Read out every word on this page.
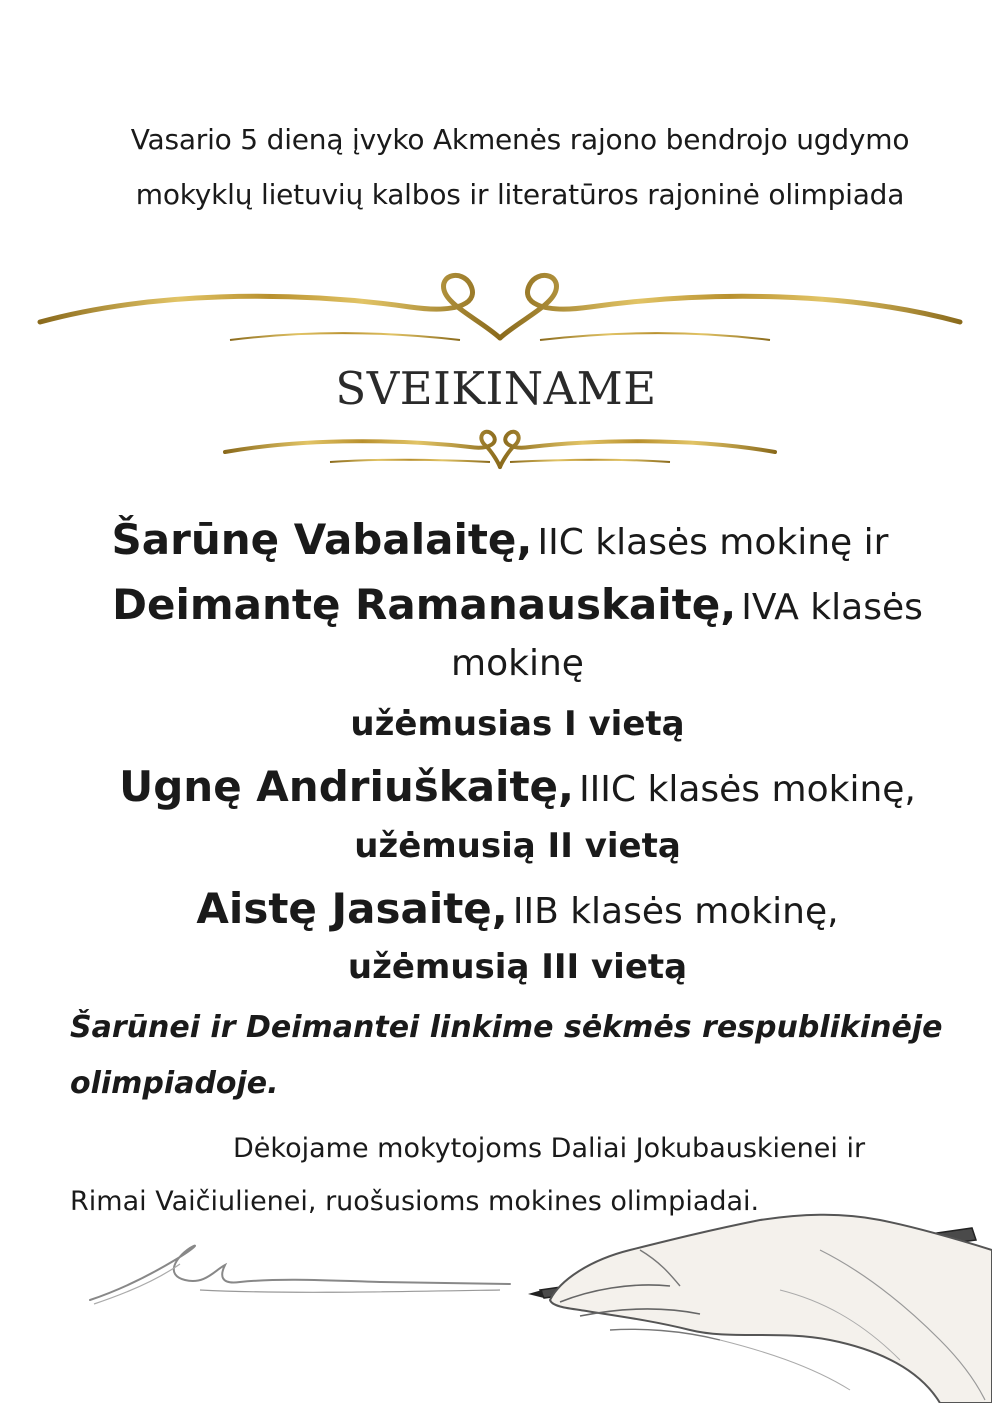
Vasario 5 dieną įvyko Akmenės rajono bendrojo ugdymo
mokyklų lietuvių kalbos ir literatūros rajoninė olimpiada
SVEIKINAME
Šarūnę Vabalaitę, IIC klasės mokinę ir
Deimantę Ramanauskaitę, IVA klasės
mokinę
užėmusias I vietą
Ugnę Andriuškaitę, IIIC klasės mokinę,
užėmusią II vietą
Aistę Jasaitę, IIB klasės mokinę,
užėmusią III vietą
Šarūnei ir Deimantei linkime sėkmės respublikinėje
olimpiadoje.
Dėkojame mokytojoms Daliai Jokubauskienei ir
Rimai Vaičiulienei, ruošusioms mokines olimpiadai.
